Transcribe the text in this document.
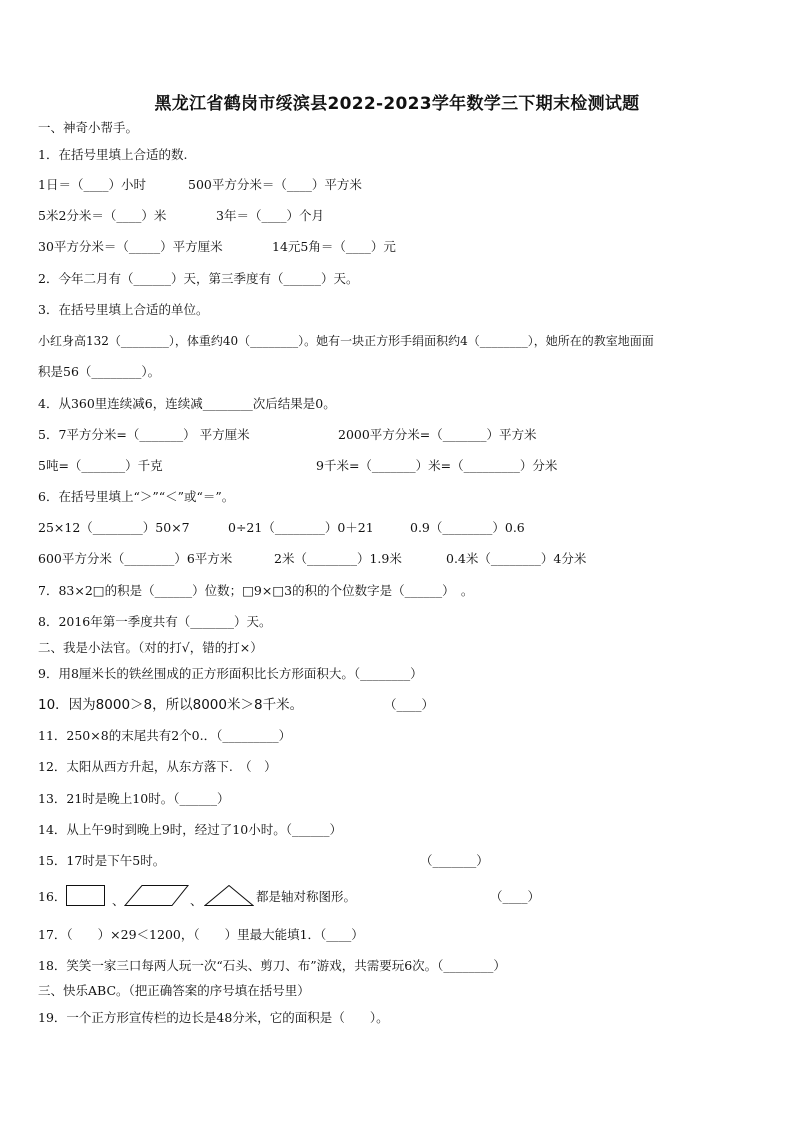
黑龙江省鹤岗市绥滨县2022-2023学年数学三下期末检测试题
一、神奇小帮手。
1．在括号里填上合适的数.
1日＝（____）小时	500平方分米＝（____）平方米
5米2分米＝（____）米	3年＝（____）个月
30平方分米＝（_____）平方厘米	14元5角＝（____）元
2．今年二月有（______）天，第三季度有（______）天。
3．在括号里填上合适的单位。
小红身高132（________），体重约40（________）。她有一块正方形手绢面积约4（________），她所在的教室地面面
积是56（________）。
4．从360里连续减6，连续减________次后结果是0。
5．7平方分米=（_______） 平方厘米	2000平方分米=（_______）平方米
5吨=（_______）千克	9千米=（_______）米=（_________）分米
6．在括号里填上“＞”“＜”或“＝”。
25×12（________）50×7	0÷21（________）0＋21	0.9（________）0.6
600平方分米（________）6平方米	2米（________）1.9米	0.4米（________）4分米
7．83×2□的积是（______）位数；□9×□3的积的个位数字是（______）　。
8．2016年第一季度共有（_______）天。
二、我是小法官。（对的打√，错的打×）
9．用8厘米长的铁丝围成的正方形面积比长方形面积大。（________）
10．因为8000＞8，所以8000米＞8千米。	（____）
11．250×8的末尾共有2个0.．（_________）
12．太阳从西方升起，从东方落下.　（　）
13．21时是晚上10时。（______）
14．从上午9时到晚上9时，经过了10小时。（______）
15．17时是下午5时。	（_______）
16．	、	、	都是轴对称图形。	（____）
17．（　　）×29＜1200，（　　）里最大能填1．（____）
18．笑笑一家三口每两人玩一次“石头、剪刀、布”游戏，共需要玩6次。（________）
三、快乐ABC。（把正确答案的序号填在括号里）
19．一个正方形宣传栏的边长是48分米，它的面积是（　　）。
